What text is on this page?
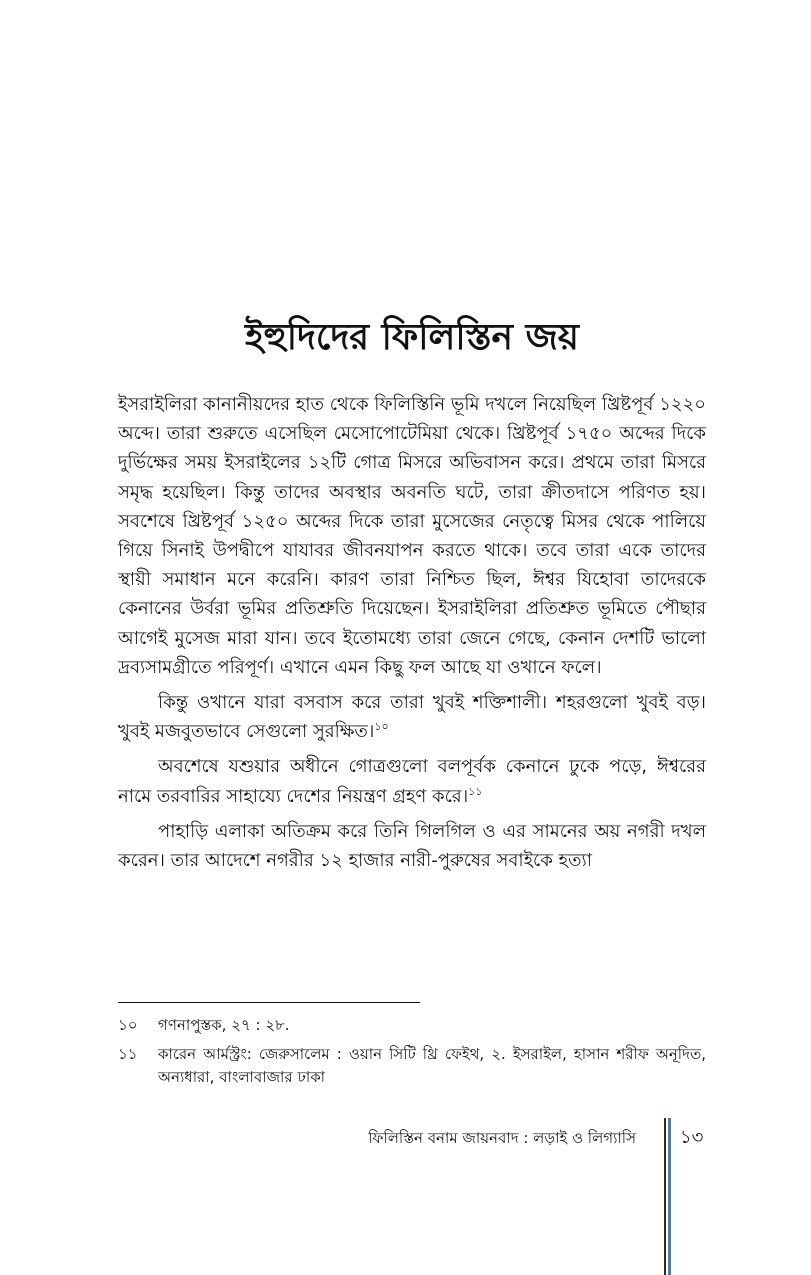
ইহুদিদের ফিলিস্তিন জয়

ইসরাইলিরা কানানীয়দের হাত থেকে ফিলিস্তিনি ভূমি দখলে নিয়েছিল খ্রিষ্টপূর্ব ১২২০ অব্দে। তারা শুরুতে এসেছিল মেসোপোটেমিয়া থেকে। খ্রিষ্টপূর্ব ১৭৫০ অব্দের দিকে দুর্ভিক্ষের সময় ইসরাইলের ১২টি গোত্র মিসরে অভিবাসন করে। প্রথমে তারা মিসরে সমৃদ্ধ হয়েছিল। কিন্তু তাদের অবস্থার অবনতি ঘটে, তারা ক্রীতদাসে পরিণত হয়। সবশেষে খ্রিষ্টপূর্ব ১২৫০ অব্দের দিকে তারা মুসেজের নেতৃত্বে মিসর থেকে পালিয়ে গিয়ে সিনাই উপদ্বীপে যাযাবর জীবনযাপন করতে থাকে। তবে তারা একে তাদের স্থায়ী সমাধান মনে করেনি। কারণ তারা নিশ্চিত ছিল, ঈশ্বর যিহোবা তাদেরকে কেনানের উর্বরা ভূমির প্রতিশ্রুতি দিয়েছেন। ইসরাইলিরা প্রতিশ্রুত ভূমিতে পৌছার আগেই মুসেজ মারা যান। তবে ইতোমধ্যে তারা জেনে গেছে, কেনান দেশটি ভালো দ্রব্যসামগ্রীতে পরিপূর্ণ। এখানে এমন কিছু ফল আছে যা ওখানে ফলে।

কিন্তু ওখানে যারা বসবাস করে তারা খুবই শক্তিশালী। শহরগুলো খুবই বড়। খুবই মজবুতভাবে সেগুলো সুরক্ষিত।$^{১০}$

অবশেষে যশুয়ার অধীনে গোত্রগুলো বলপূর্বক কেনানে ঢুকে পড়ে, ঈশ্বরের নামে তরবারির সাহায্যে দেশের নিয়ন্ত্রণ গ্রহণ করে।$^{১১}$

পাহাড়ি এলাকা অতিক্রম করে তিনি গিলগিল ও এর সামনের অয় নগরী দখল করেন। তার আদেশে নগরীর ১২ হাজার নারী-পুরুষের সবাইকে হত্যা

১০	গণনাপুস্তক, ২৭ : ২৮.
১১	কারেন আর্মস্ট্রং: জেরুসালেম : ওয়ান সিটি থ্রি ফেইথ, ২. ইসরাইল, হাসান শরীফ অনূদিত, অন্যধারা, বাংলাবাজার ঢাকা
ফিলিস্তিন বনাম জায়নবাদ : লড়াই ও লিগ্যাসি ১৩
